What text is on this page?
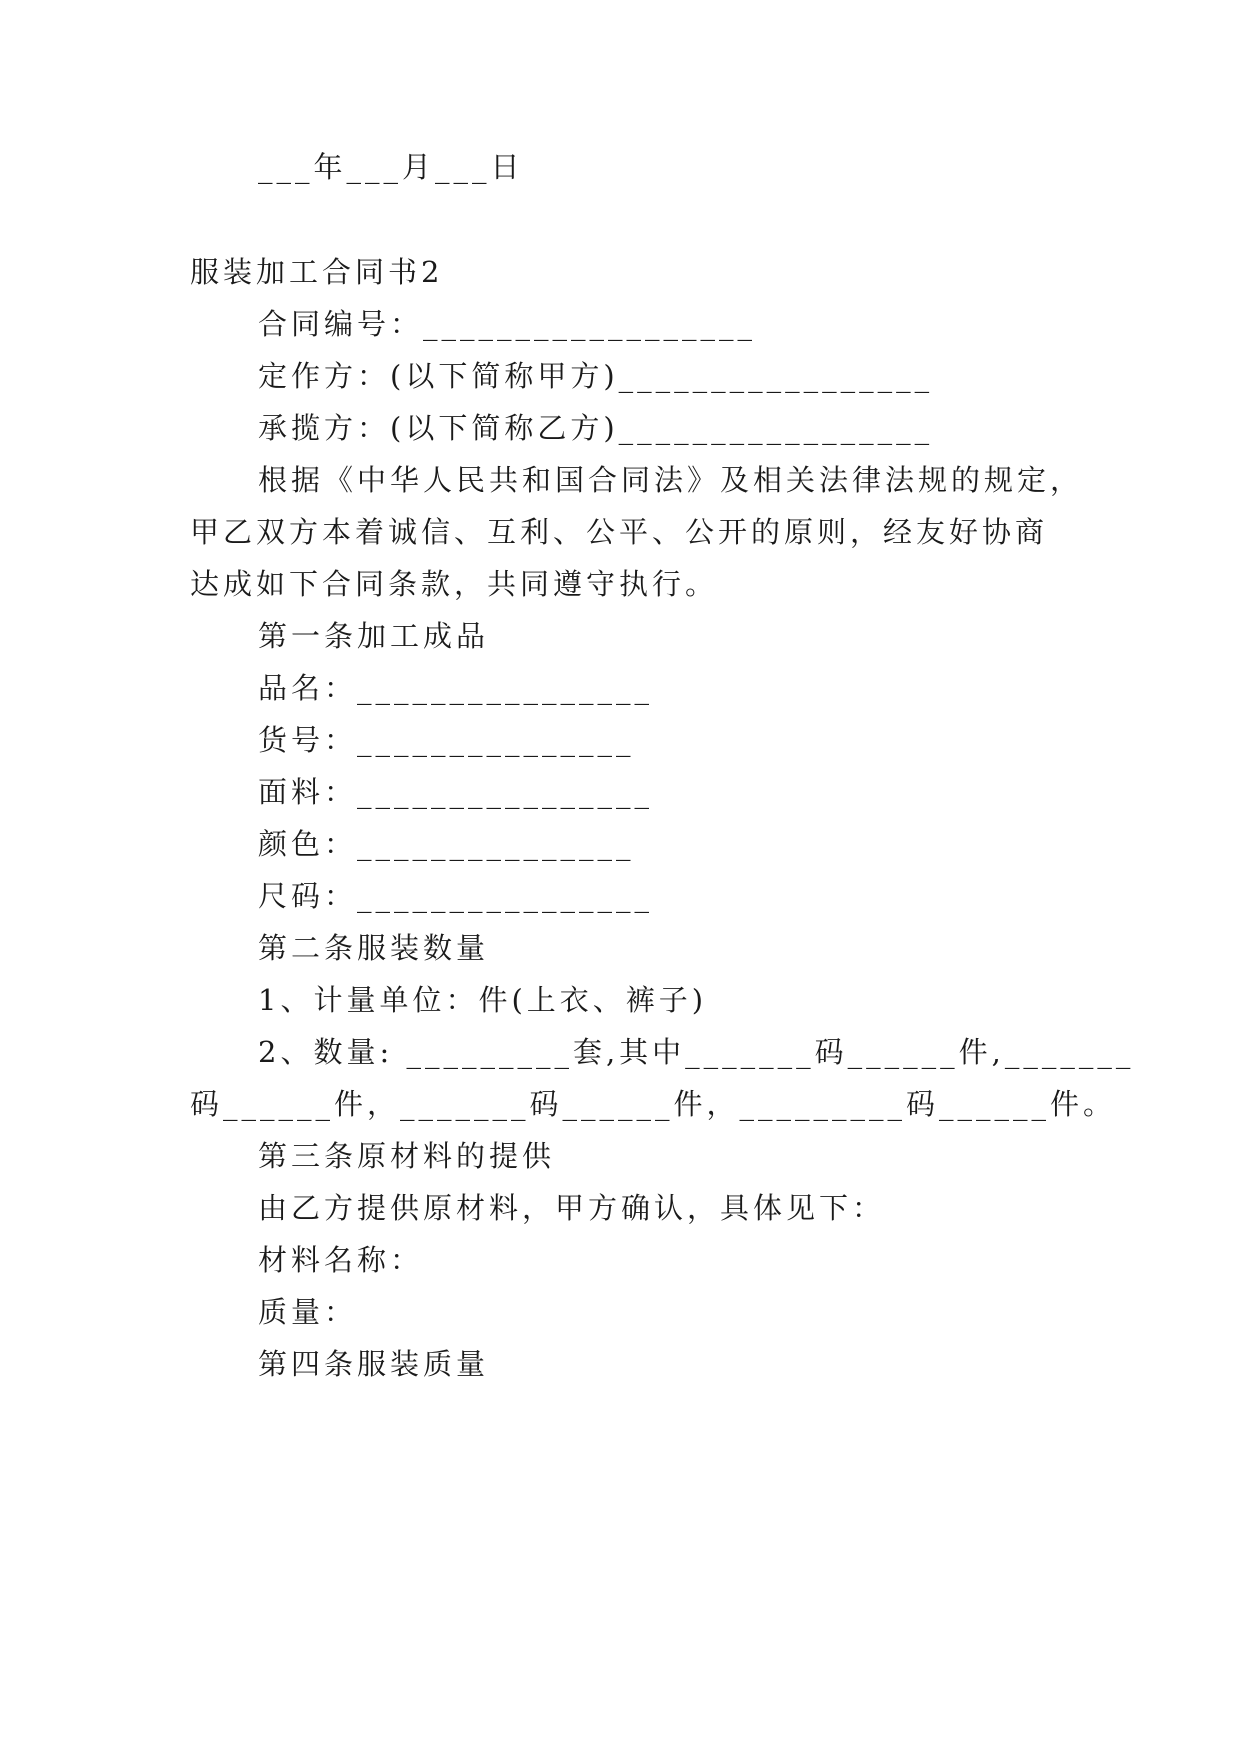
___年___月___日
服装加工合同书2
合同编号：__________________
定作方：(以下简称甲方)_________________
承揽方：(以下简称乙方)_________________
根据《中华人民共和国合同法》及相关法律法规的规定，
甲乙双方本着诚信、互利、公平、公开的原则，经友好协商
达成如下合同条款，共同遵守执行。
第一条加工成品
品名：________________
货号：_______________
面料：________________
颜色：_______________
尺码：________________
第二条服装数量
1、计量单位：件(上衣、裤子)
2、数量: _________套,其中_______码______件,_______
码______件，_______码______件，_________码______件。
第三条原材料的提供
由乙方提供原材料，甲方确认，具体见下：
材料名称：
质量：
第四条服装质量
